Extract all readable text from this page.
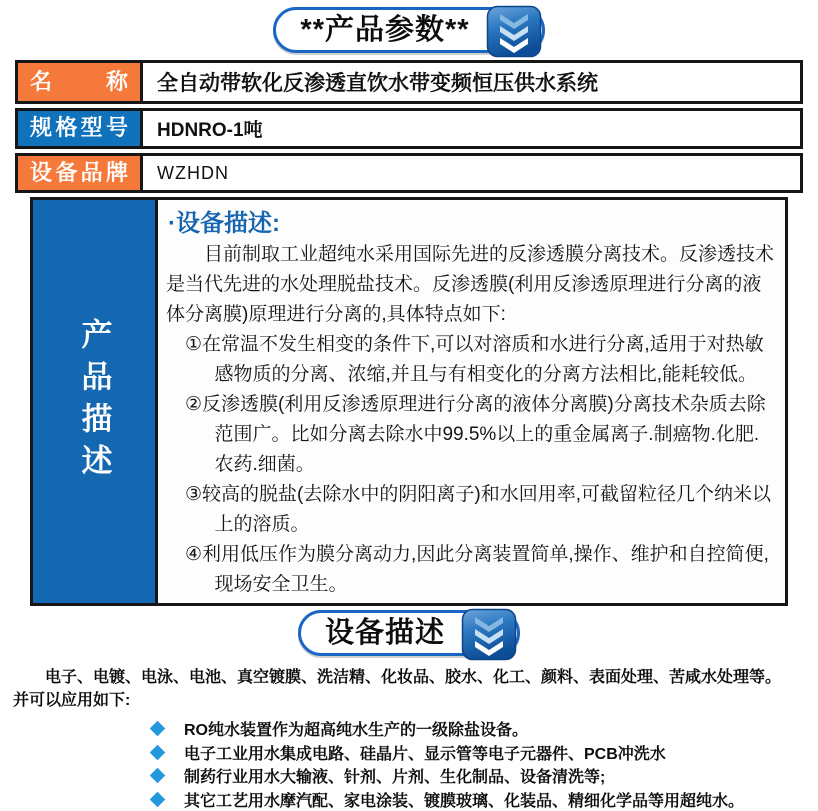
**产品参数**
名称	全自动带软化反渗透直饮水带变频恒压供水系统
规格型号	HDNRO-1吨
设备品牌	WZHDN
产品描述
·设备描述:

目前制取工业超纯水采用国际先进的反渗透膜分离技术。反渗透技术是当代先进的水处理脱盐技术。反渗透膜(利用反渗透原理进行分离的液体分离膜)原理进行分离的,具体特点如下:

①在常温不发生相变的条件下,可以对溶质和水进行分离,适用于对热敏感物质的分离、浓缩,并且与有相变化的分离方法相比,能耗较低。

②反渗透膜(利用反渗透原理进行分离的液体分离膜)分离技术杂质去除范围广。比如分离去除水中99.5%以上的重金属离子.制癌物.化肥.农药.细菌。

③较高的脱盐(去除水中的阴阳离子)和水回用率,可截留粒径几个纳米以上的溶质。

④利用低压作为膜分离动力,因此分离装置简单,操作、维护和自控简便,现场安全卫生。

设备描述
电子、电镀、电泳、电池、真空镀膜、洗洁精、化妆品、胶水、化工、颜料、表面处理、苦咸水处理等。
并可以应用如下:
RO纯水装置作为超高纯水生产的一级除盐设备。
电子工业用水集成电路、硅晶片、显示管等电子元器件、PCB冲洗水
制药行业用水大输液、针剂、片剂、生化制品、设备清洗等;
其它工艺用水摩汽配、家电涂装、镀膜玻璃、化装品、精细化学品等用超纯水。
